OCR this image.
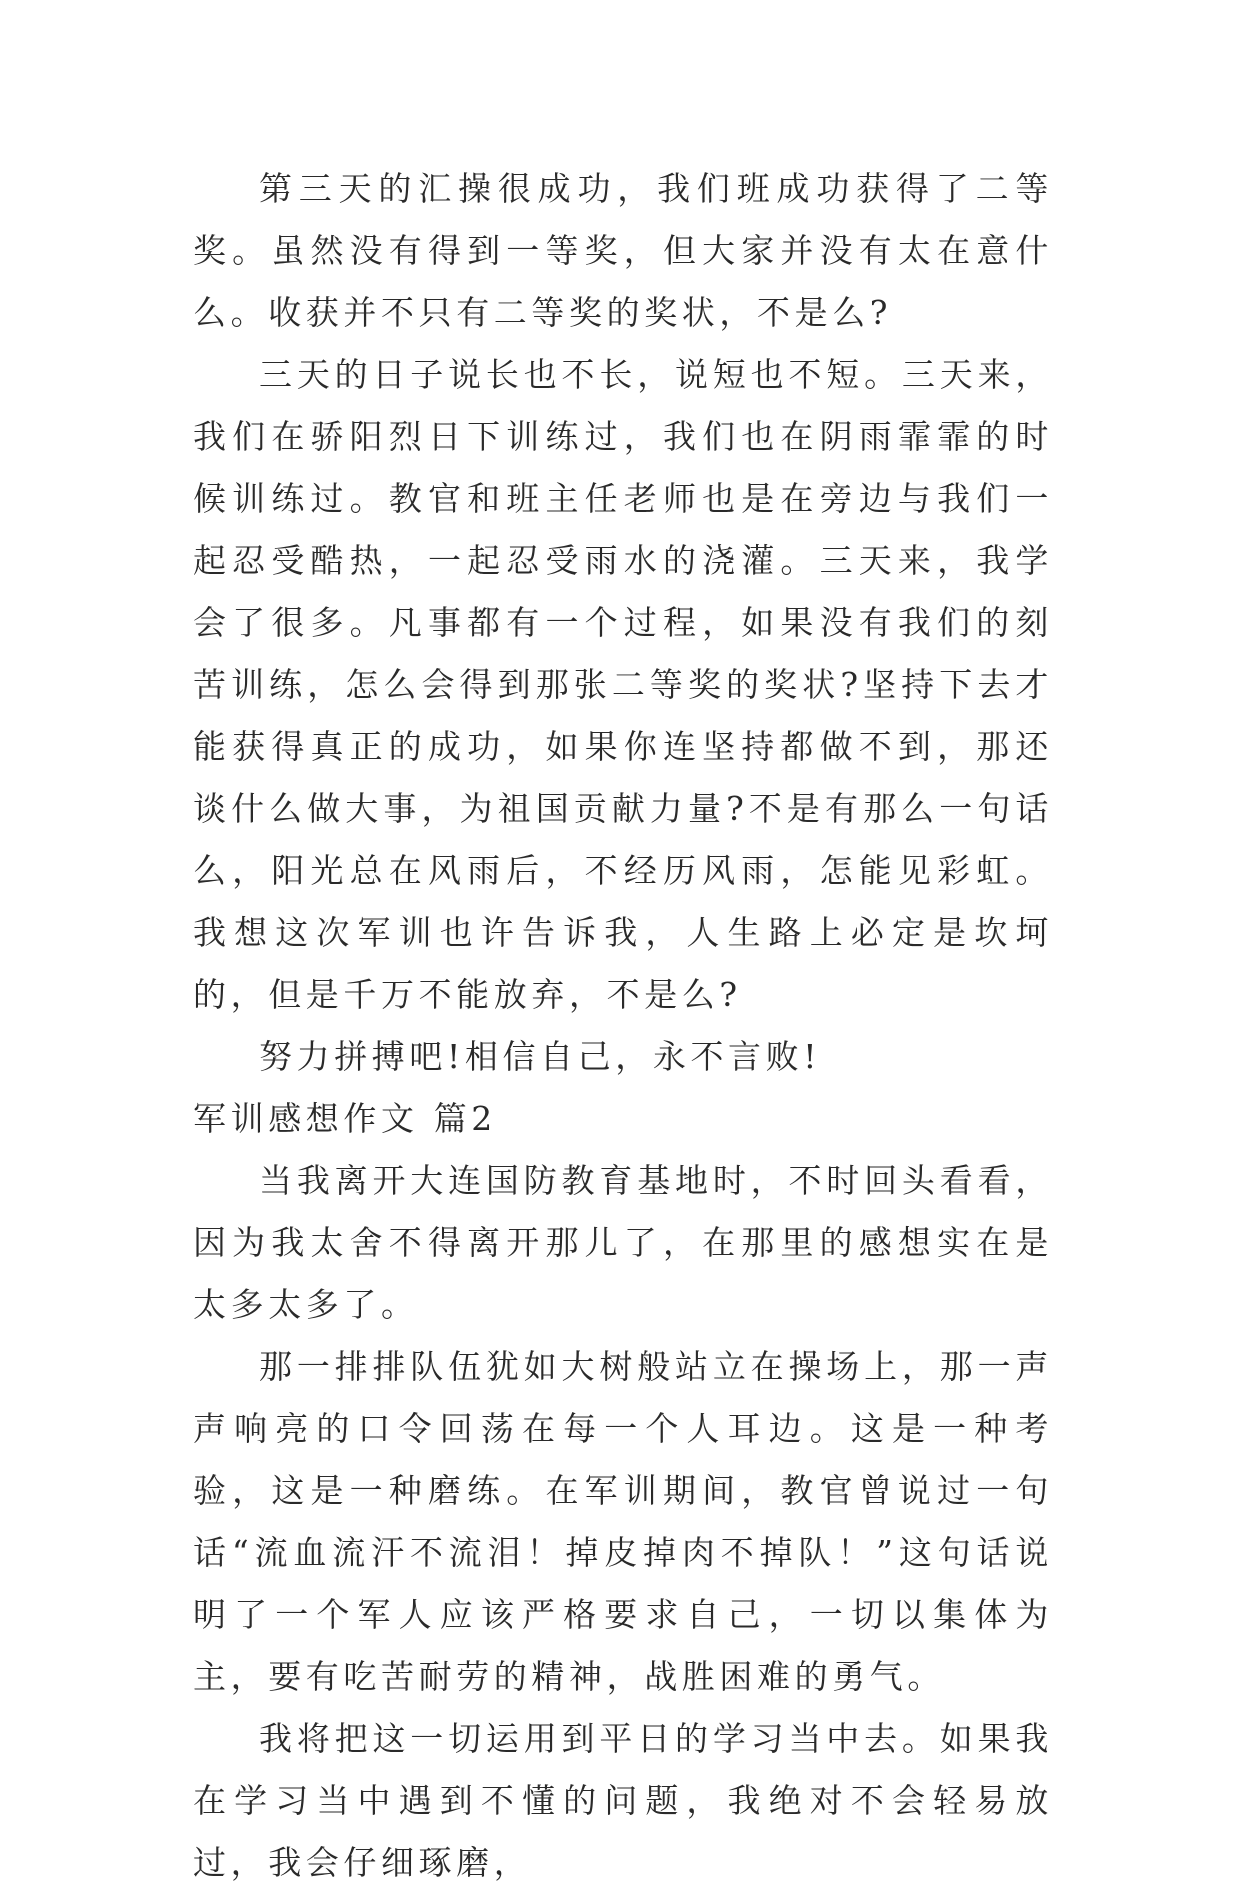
第三天的汇操很成功，我们班成功获得了二等奖。虽然没有得到一等奖，但大家并没有太在意什么。收获并不只有二等奖的奖状，不是么?

三天的日子说长也不长，说短也不短。三天来，我们在骄阳烈日下训练过，我们也在阴雨霏霏的时候训练过。教官和班主任老师也是在旁边与我们一起忍受酷热，一起忍受雨水的浇灌。三天来，我学会了很多。凡事都有一个过程，如果没有我们的刻苦训练，怎么会得到那张二等奖的奖状?坚持下去才能获得真正的成功，如果你连坚持都做不到，那还谈什么做大事，为祖国贡献力量?不是有那么一句话么，阳光总在风雨后，不经历风雨，怎能见彩虹。我想这次军训也许告诉我，人生路上必定是坎坷的，但是千万不能放弃，不是么?

努力拼搏吧!相信自己，永不言败!

军训感想作文 篇2

当我离开大连国防教育基地时，不时回头看看，因为我太舍不得离开那儿了，在那里的感想实在是太多太多了。

那一排排队伍犹如大树般站立在操场上，那一声声响亮的口令回荡在每一个人耳边。这是一种考验，这是一种磨练。在军训期间，教官曾说过一句话“流血流汗不流泪！掉皮掉肉不掉队！”这句话说明了一个军人应该严格要求自己，一切以集体为主，要有吃苦耐劳的精神，战胜困难的勇气。

我将把这一切运用到平日的学习当中去。如果我在学习当中遇到不懂的问题，我绝对不会轻易放过，我会仔细琢磨，
